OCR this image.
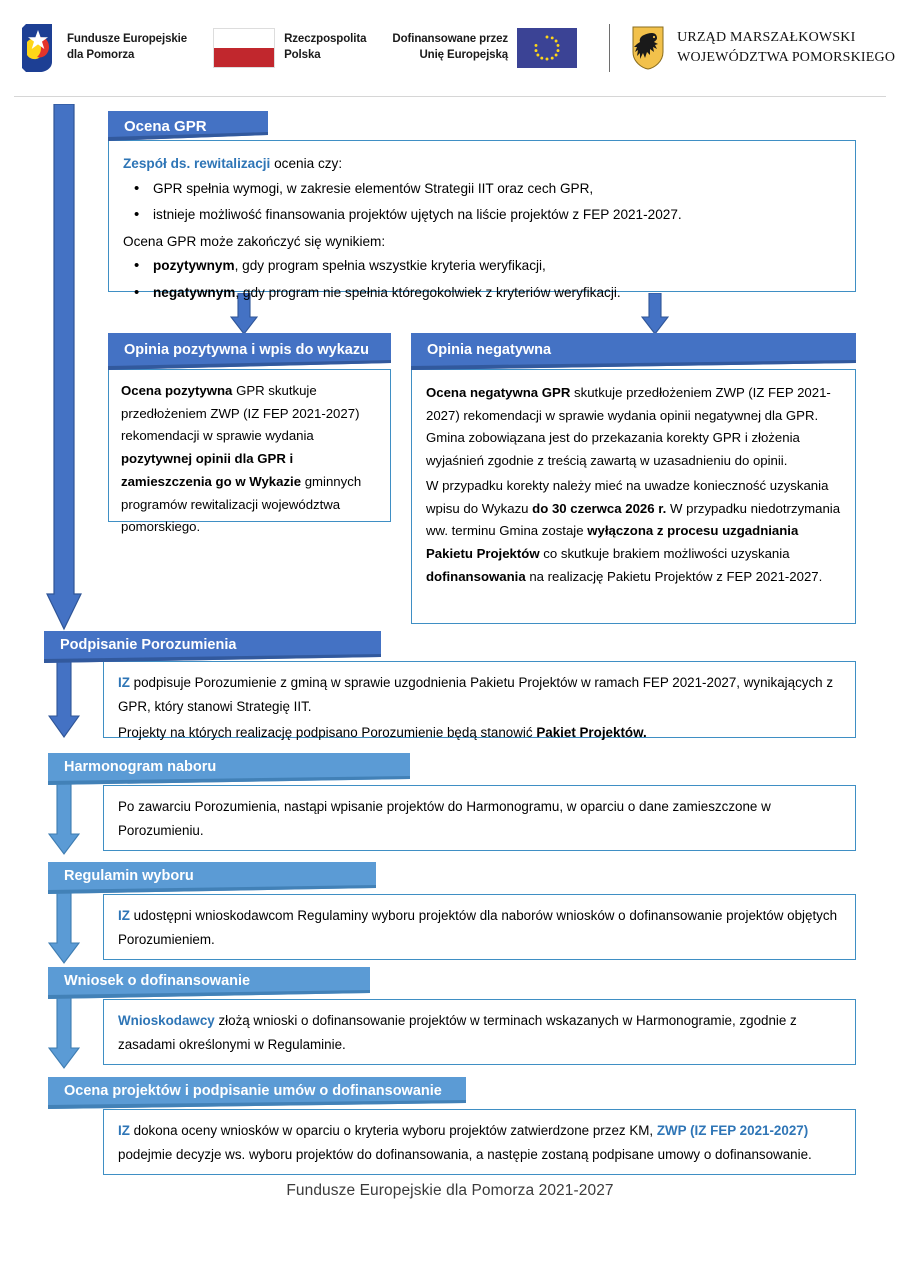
Fundusze Europejskie
dla Pomorza
Rzeczpospolita
Polska
Dofinansowane przez
Unię Europejską
URZĄD MARSZAŁKOWSKI
WOJEWÓDZTWA POMORSKIEGO
Ocena GPR

Zespół ds. rewitalizacji ocenia czy:

• GPR spełnia wymogi, w zakresie elementów Strategii IIT oraz cech GPR,
• istnieje możliwość finansowania projektów ujętych na liście projektów z FEP 2021-2027.

Ocena GPR może zakończyć się wynikiem:

• pozytywnym, gdy program spełnia wszystkie kryteria weryfikacji,
• negatywnym, gdy program nie spełnia któregokolwiek z kryteriów weryfikacji.
Opinia pozytywna i wpis do wykazu

Ocena pozytywna GPR skutkuje przedłożeniem ZWP (IZ FEP 2021-2027) rekomendacji w sprawie wydania pozytywnej opinii dla GPR i zamieszczenia go w Wykazie gminnych programów rewitalizacji województwa pomorskiego.

Opinia negatywna

Ocena negatywna GPR skutkuje przedłożeniem ZWP (IZ FEP 2021-2027) rekomendacji w sprawie wydania opinii negatywnej dla GPR. Gmina zobowiązana jest do przekazania korekty GPR i złożenia wyjaśnień zgodnie z treścią zawartą w uzasadnieniu do opinii.

W przypadku korekty należy mieć na uwadze konieczność uzyskania wpisu do Wykazu do 30 czerwca 2026 r. W przypadku niedotrzymania ww. terminu Gmina zostaje wyłączona z procesu uzgadniania Pakietu Projektów co skutkuje brakiem możliwości uzyskania dofinansowania na realizację Pakietu Projektów z FEP 2021-2027.

Podpisanie Porozumienia

IZ podpisuje Porozumienie z gminą w sprawie uzgodnienia Pakietu Projektów w ramach FEP 2021-2027, wynikających z GPR, który stanowi Strategię IIT.

Projekty na których realizację podpisano Porozumienie będą stanowić Pakiet Projektów.

Harmonogram naboru

Po zawarciu Porozumienia, nastąpi wpisanie projektów do Harmonogramu, w oparciu o dane zamieszczone w Porozumieniu.

Regulamin wyboru

IZ udostępni wnioskodawcom Regulaminy wyboru projektów dla naborów wniosków o dofinansowanie projektów objętych Porozumieniem.

Wniosek o dofinansowanie

Wnioskodawcy złożą wnioski o dofinansowanie projektów w terminach wskazanych w Harmonogramie, zgodnie z zasadami określonymi w Regulaminie.

Ocena projektów i podpisanie umów o dofinansowanie

IZ dokona oceny wniosków w oparciu o kryteria wyboru projektów zatwierdzone przez KM, ZWP (IZ FEP 2021-2027) podejmie decyzje ws. wyboru projektów do dofinansowania, a następie zostaną podpisane umowy o dofinansowanie.

Fundusze Europejskie dla Pomorza 2021-2027
